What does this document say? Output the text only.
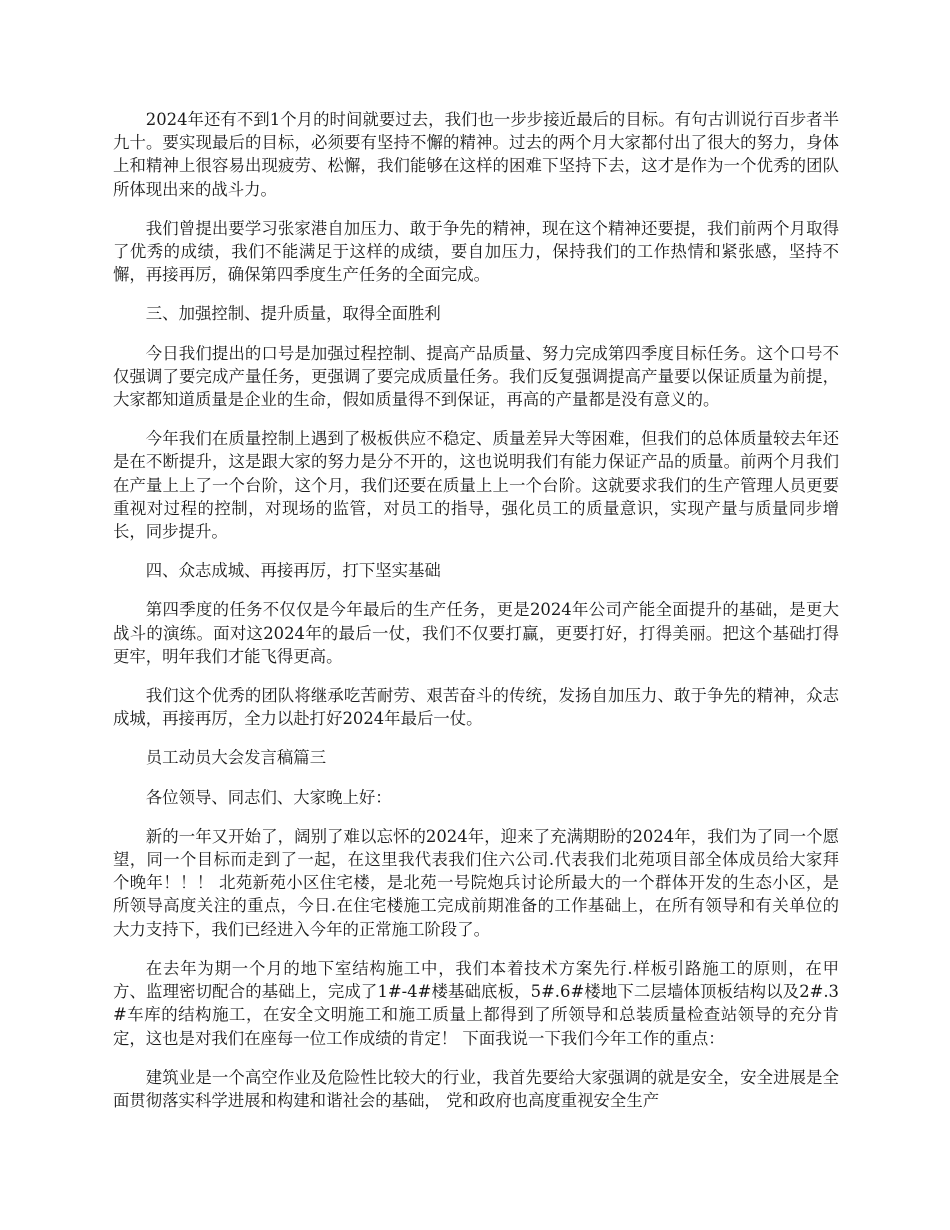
2024年还有不到1个月的时间就要过去，我们也一步步接近最后的目标。有句古训说行百步者半九十。要实现最后的目标，必须要有坚持不懈的精神。过去的两个月大家都付出了很大的努力，身体上和精神上很容易出现疲劳、松懈，我们能够在这样的困难下坚持下去，这才是作为一个优秀的团队所体现出来的战斗力。

我们曾提出要学习张家港自加压力、敢于争先的精神，现在这个精神还要提，我们前两个月取得了优秀的成绩，我们不能满足于这样的成绩，要自加压力，保持我们的工作热情和紧张感，坚持不懈，再接再厉，确保第四季度生产任务的全面完成。

三、加强控制、提升质量，取得全面胜利

今日我们提出的口号是加强过程控制、提高产品质量、努力完成第四季度目标任务。这个口号不仅强调了要完成产量任务，更强调了要完成质量任务。我们反复强调提高产量要以保证质量为前提，大家都知道质量是企业的生命，假如质量得不到保证，再高的产量都是没有意义的。

今年我们在质量控制上遇到了极板供应不稳定、质量差异大等困难，但我们的总体质量较去年还是在不断提升，这是跟大家的努力是分不开的，这也说明我们有能力保证产品的质量。前两个月我们在产量上上了一个台阶，这个月，我们还要在质量上上一个台阶。这就要求我们的生产管理人员更要重视对过程的控制，对现场的监管，对员工的指导，强化员工的质量意识，实现产量与质量同步增长，同步提升。

四、众志成城、再接再厉，打下坚实基础

第四季度的任务不仅仅是今年最后的生产任务，更是2024年公司产能全面提升的基础，是更大战斗的演练。面对这2024年的最后一仗，我们不仅要打赢，更要打好，打得美丽。把这个基础打得更牢，明年我们才能飞得更高。

我们这个优秀的团队将继承吃苦耐劳、艰苦奋斗的传统，发扬自加压力、敢于争先的精神，众志成城，再接再厉，全力以赴打好2024年最后一仗。

员工动员大会发言稿篇三

各位领导、同志们、大家晚上好：

新的一年又开始了，阔别了难以忘怀的2024年，迎来了充满期盼的2024年，我们为了同一个愿望，同一个目标而走到了一起，在这里我代表我们住六公司.代表我们北苑项目部全体成员给大家拜个晚年！！！ 北苑新苑小区住宅楼，是北苑一号院炮兵讨论所最大的一个群体开发的生态小区，是所领导高度关注的重点，今日.在住宅楼施工完成前期准备的工作基础上，在所有领导和有关单位的大力支持下，我们已经进入今年的正常施工阶段了。

在去年为期一个月的地下室结构施工中，我们本着技术方案先行.样板引路施工的原则，在甲方、监理密切配合的基础上，完成了1#-4#楼基础底板，5#.6#楼地下二层墙体顶板结构以及2#.3#车库的结构施工，在安全文明施工和施工质量上都得到了所领导和总装质量检查站领导的充分肯定，这也是对我们在座每一位工作成绩的肯定！ 下面我说一下我们今年工作的重点：

建筑业是一个高空作业及危险性比较大的行业，我首先要给大家强调的就是安全，安全进展是全面贯彻落实科学进展和构建和谐社会的基础， 党和政府也高度重视安全生产
